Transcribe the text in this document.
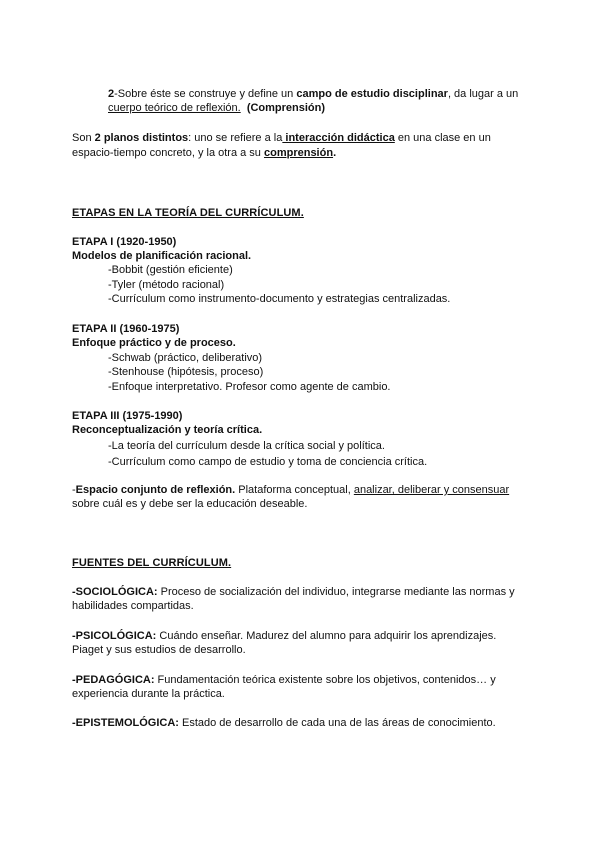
2-Sobre éste se construye y define un campo de estudio disciplinar, da lugar a un
cuerpo teórico de reflexión. (Comprensión)
Son 2 planos distintos: uno se refiere a la interacción didáctica en una clase en un
espacio-tiempo concreto, y la otra a su comprensión.
ETAPAS EN LA TEORÍA DEL CURRÍCULUM.
ETAPA I (1920-1950)
Modelos de planificación racional.
-Bobbit (gestión eficiente)
-Tyler (método racional)
-Currículum como instrumento-documento y estrategias centralizadas.
ETAPA II (1960-1975)
Enfoque práctico y de proceso.
-Schwab (práctico, deliberativo)
-Stenhouse (hipótesis, proceso)
-Enfoque interpretativo. Profesor como agente de cambio.
ETAPA III (1975-1990)
Reconceptualización y teoría crítica.
-La teoría del currículum desde la crítica social y política.
-Currículum como campo de estudio y toma de conciencia crítica.
-Espacio conjunto de reflexión. Plataforma conceptual, analizar, deliberar y consensuar
sobre cuál es y debe ser la educación deseable.
FUENTES DEL CURRÍCULUM.
-SOCIOLÓGICA: Proceso de socialización del individuo, integrarse mediante las normas y
habilidades compartidas.
-PSICOLÓGICA: Cuándo enseñar. Madurez del alumno para adquirir los aprendizajes.
Piaget y sus estudios de desarrollo.
-PEDAGÓGICA: Fundamentación teórica existente sobre los objetivos, contenidos… y
experiencia durante la práctica.
-EPISTEMOLÓGICA: Estado de desarrollo de cada una de las áreas de conocimiento.
